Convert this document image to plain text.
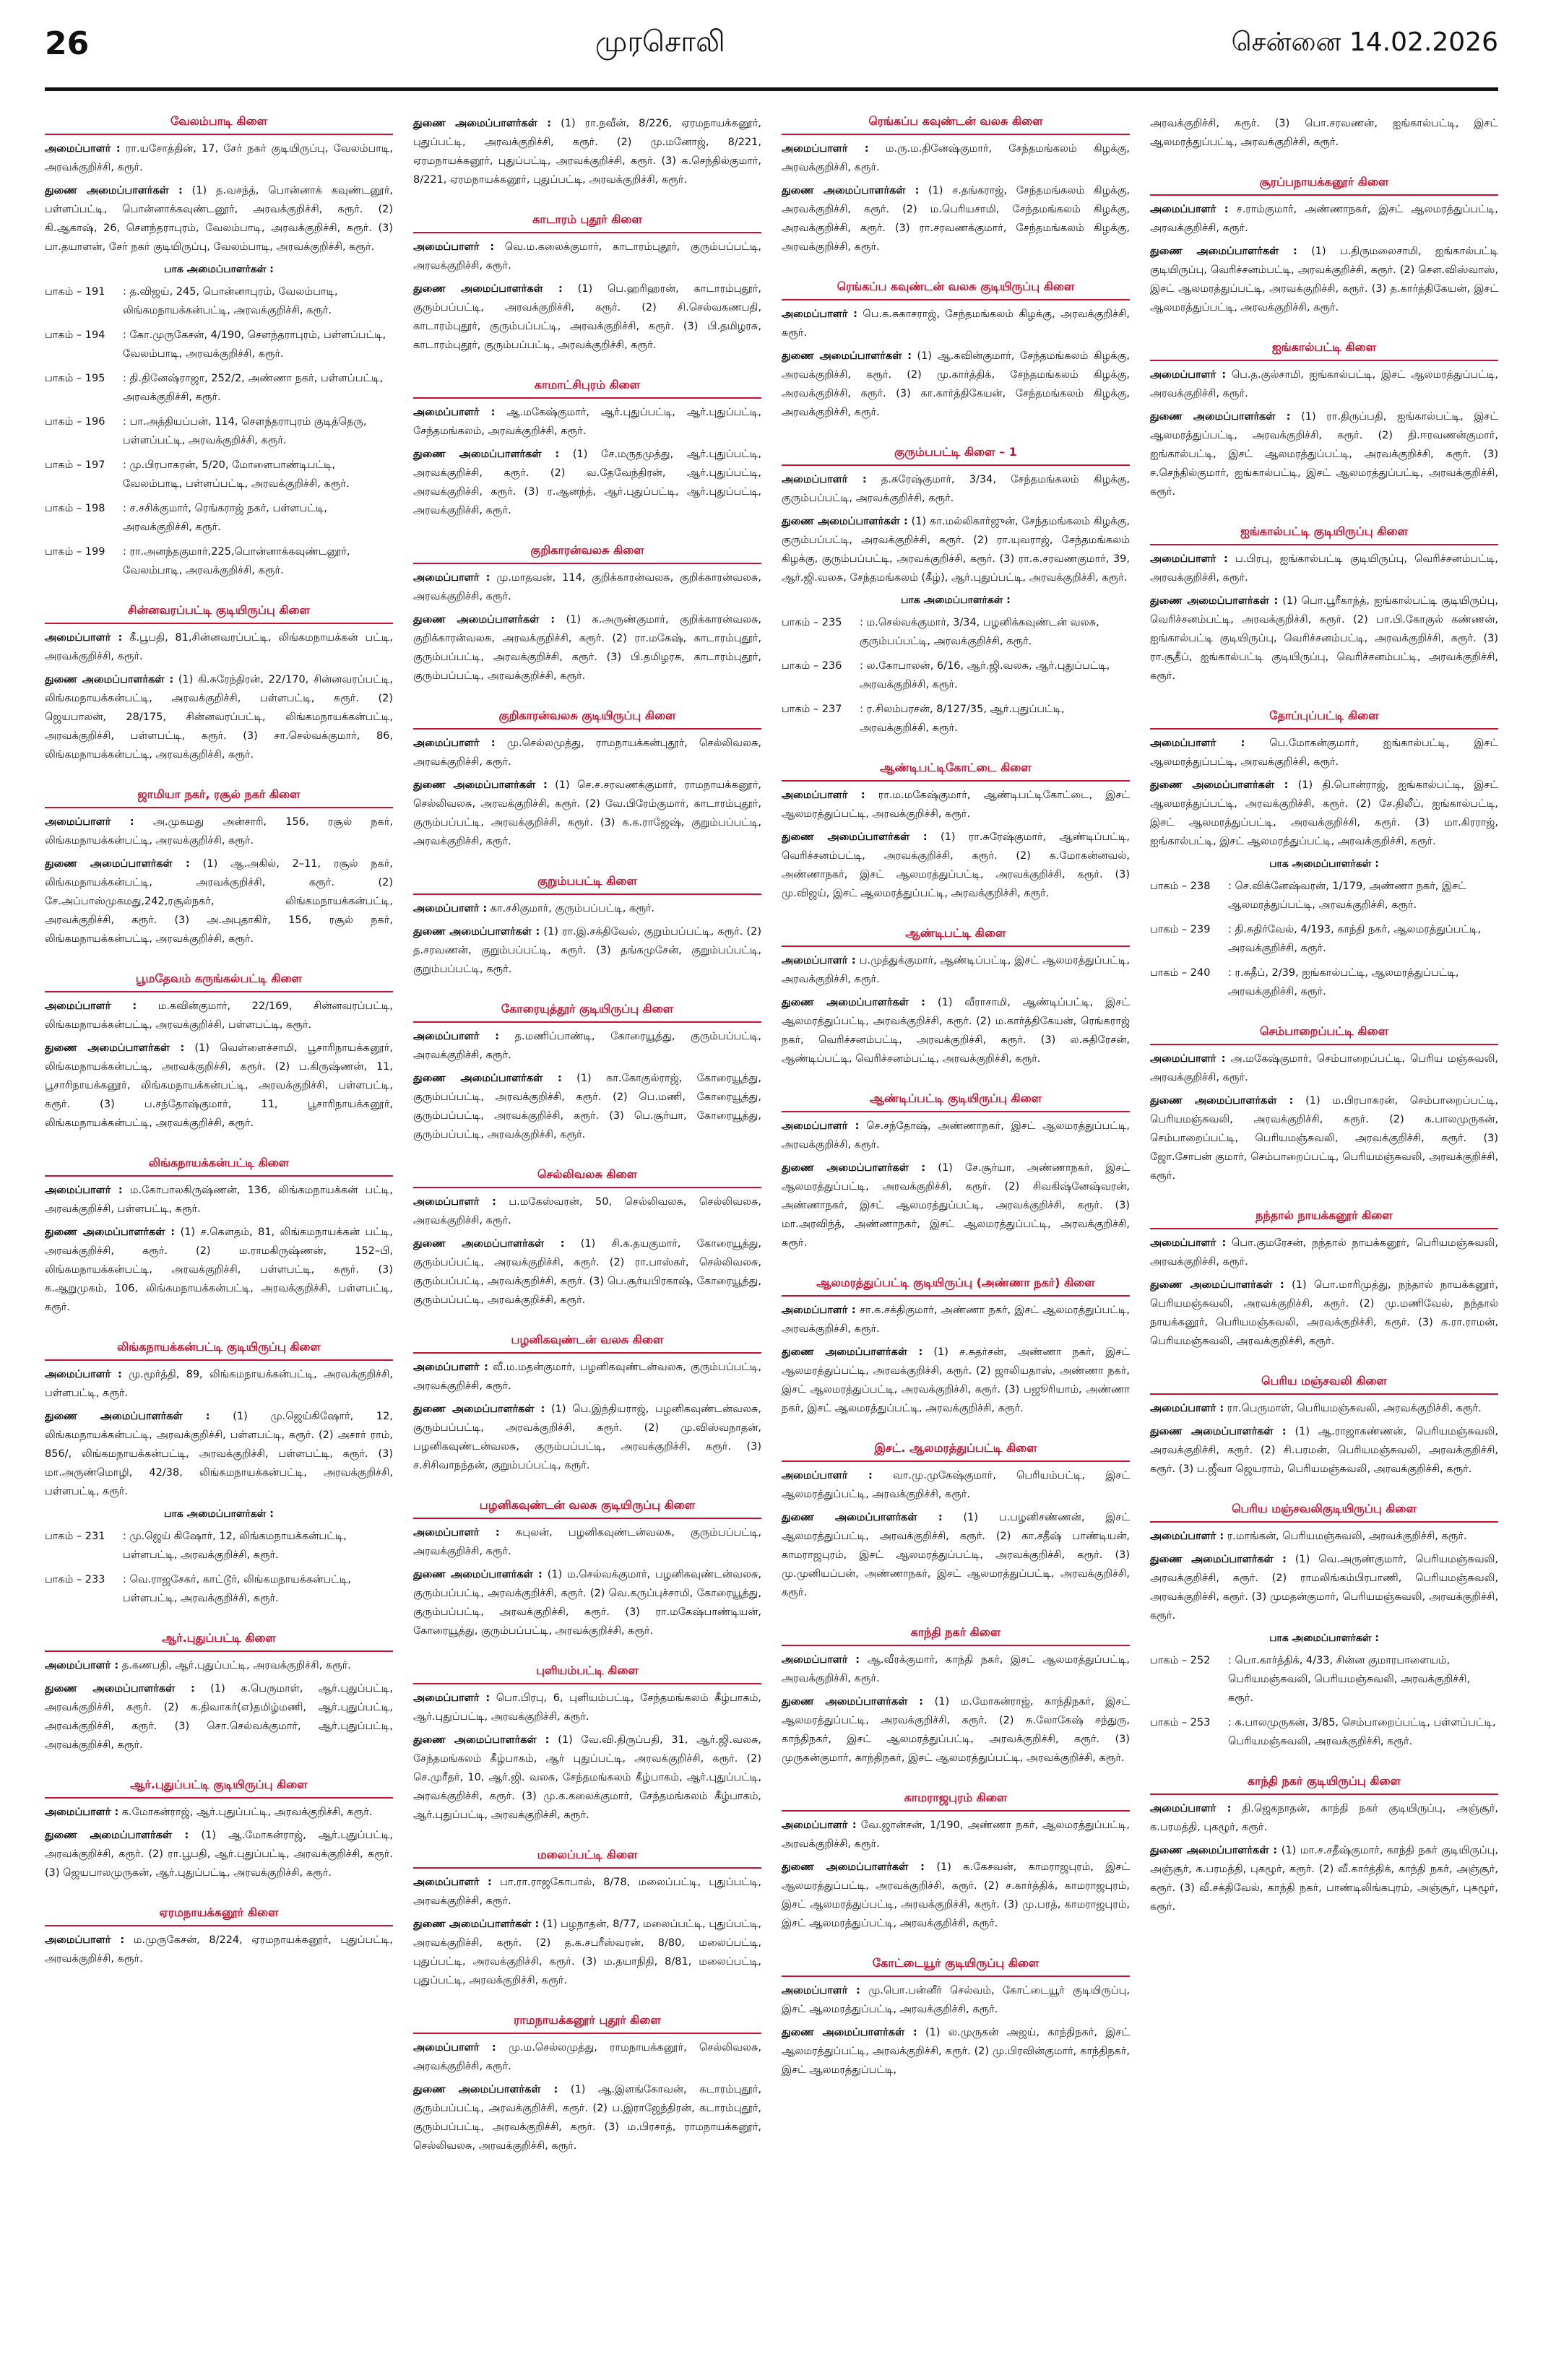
26	முரசொலி	சென்னை 14.02.2026
வேலம்பாடி கிளை
அமைப்பாளர் : ரா.யசோத்தின், 17, சேர் நகர் குடியிருப்பு, வேலம்பாடி, அரவக்குறிச்சி, கரூர்.
துணை அமைப்பாளர்கள் : (1) த.வசந்த், பொன்னாக் கவுண்டனூர், பள்ளப்பட்டி, பொன்னாக்கவுண்டனூர், அரவக்குறிச்சி, கரூர். (2) கி.ஆகாஷ், 26, சௌந்தராபுரம், வேலம்பாடி, அரவக்குறிச்சி, கரூர். (3) பா.தயாளன், சேர் நகர் குடியிருப்பு, வேலம்பாடி, அரவக்குறிச்சி, கரூர்.
பாக அமைப்பாளர்கள் :
பாகம் – 191	: த.விஜய், 245, பொன்னாபுரம், வேலம்பாடி, லிங்கமநாயக்கன்பட்டி, அரவக்குறிச்சி, கரூர்.
பாகம் – 194	: கோ.முருகேசன், 4/190, சௌந்தராபுரம், பள்ளப்பட்டி, வேலம்பாடி, அரவக்குறிச்சி, கரூர்.
பாகம் – 195	: தி.தினேஷ்ராஜா, 252/2, அண்ணா நகர், பள்ளப்பட்டி, அரவக்குறிச்சி, கரூர்.
பாகம் – 196	: பா.அத்தியப்பன், 114, சௌந்தராபுரம் குடித்தெரு, பள்ளப்பட்டி, அரவக்குறிச்சி, கரூர்.
பாகம் – 197	: மு.பிரபாகரன், 5/20, மோளைபாண்டிபட்டி, வேலம்பாடி, பள்ளப்பட்டி, அரவக்குறிச்சி, கரூர்.
பாகம் – 198	: ச.சசிக்குமார், ரெங்கராஜ் நகர், பள்ளபட்டி, அரவக்குறிச்சி, கரூர்.
பாகம் – 199	: ரா.அனந்தகுமார்,225,பொன்னாக்கவுண்டனூர், வேலம்பாடி, அரவக்குறிச்சி, கரூர்.
சின்னவரப்பட்டி குடியிருப்பு கிளை
அமைப்பாளர் : கீ.பூபதி, 81,சின்னவரப்பட்டி, லிங்கமநாயக்கன் பட்டி, அரவக்குறிச்சி, கரூர்.
துணை அமைப்பாளர்கள் : (1) கி.சுரேந்திரன், 22/170, சின்னவரப்பட்டி, லிங்கமநாயக்கன்பட்டி, அரவக்குறிச்சி, பள்ளபட்டி, கரூர். (2) ஜெயபாலன், 28/175, சின்னவரப்பட்டி, லிங்கமநாயக்கன்பட்டி, அரவக்குறிச்சி, பள்ளபட்டி, கரூர். (3) சா.செல்வக்குமார், 86, லிங்கமநாயக்கன்பட்டி, அரவக்குறிச்சி, கரூர்.
ஜாமியா நகர், ரசூல் நகர் கிளை
அமைப்பாளர் : அ.முகமது அன்சாரி, 156, ரசூல் நகர், லிங்கமநாயக்கன்பட்டி, அரவக்குறிச்சி, கரூர்.
துணை அமைப்பாளர்கள் : (1) ஆ.அகில், 2–11, ரசூல் நகர், லிங்கமநாயக்கன்பட்டி, அரவக்குறிச்சி, கரூர். (2) சே.அப்பாஸ்முகமது,242,ரசூல்நகர், லிங்கமநாயக்கன்பட்டி, அரவக்குறிச்சி, கரூர். (3) அ.அபுதாகிர், 156, ரசூல் நகர், லிங்கமநாயக்கன்பட்டி, அரவக்குறிச்சி, கரூர்.
பூமதேவம் கருங்கல்பட்டி கிளை
அமைப்பாளர் : ம.கவின்குமார், 22/169, சின்னவரப்பட்டி, லிங்கமநாயக்கன்பட்டி, அரவக்குறிச்சி, பள்ளபட்டி, கரூர்.
துணை அமைப்பாளர்கள் : (1) வெள்ளைச்சாமி, பூசாரிநாயக்கனூர், லிங்கமநாயக்கன்பட்டி, அரவக்குறிச்சி, கரூர். (2) ப.கிருஷ்ணன், 11, பூசாரிநாயக்கனூர், லிங்கமநாயக்கன்பட்டி, அரவக்குறிச்சி, பள்ளபட்டி, கரூர். (3) ப.சந்தோஷ்குமார், 11, பூசாரிநாயக்கனூர், லிங்கமநாயக்கன்பட்டி, அரவக்குறிச்சி, கரூர்.
லிங்கநாயக்கன்பட்டி கிளை
அமைப்பாளர் : ம.கோபாலகிருஷ்ணன், 136, லிங்கமநாயக்கன் பட்டி, அரவக்குறிச்சி, பள்ளபட்டி, கரூர்.
துணை அமைப்பாளர்கள் : (1) ச.கௌதம், 81, லிங்கமநாயக்கன் பட்டி, அரவக்குறிச்சி, கரூர். (2) ம.ராமகிருஷ்ணன், 152–பி, லிங்கமநாயக்கன்பட்டி, அரவக்குறிச்சி, பள்ளபட்டி, கரூர். (3) க.ஆறுமுகம், 106, லிங்கமநாயக்கன்பட்டி, அரவக்குறிச்சி, பள்ளபட்டி, கரூர்.
லிங்கநாயக்கன்பட்டி குடியிருப்பு கிளை
அமைப்பாளர் : மு.மூர்த்தி, 89, லிங்கமநாயக்கன்பட்டி, அரவக்குறிச்சி, பள்ளபட்டி, கரூர்.
துணை அமைப்பாளர்கள் : (1) மு.ஜெய்கிஷோர், 12, லிங்கமநாயக்கன்பட்டி, அரவக்குறிச்சி, பள்ளபட்டி, கரூர். (2) அசார் ராம், 856/, லிங்கமநாயக்கன்பட்டி, அரவக்குறிச்சி, பள்ளபட்டி, கரூர். (3) மா.அருண்மொழி, 42/38, லிங்கமநாயக்கன்பட்டி, அரவக்குறிச்சி, பள்ளபட்டி, கரூர்.
பாக அமைப்பாளர்கள் :
பாகம் – 231	: மு.ஜெய் கிஷோர், 12, லிங்கமநாயக்கன்பட்டி, பள்ளபட்டி, அரவக்குறிச்சி, கரூர்.
பாகம் – 233	: வெ.ராஜசேகர், காட்டூர், லிங்கமநாயக்கன்பட்டி, பள்ளபட்டி, அரவக்குறிச்சி, கரூர்.
ஆர்.புதுப்பட்டி கிளை
அமைப்பாளர் : த.கணபதி, ஆர்.புதுப்பட்டி, அரவக்குறிச்சி, கரூர்.
துணை அமைப்பாளர்கள் : (1) க.பெருமாள், ஆர்.புதுப்பட்டி, அரவக்குறிச்சி, கரூர். (2) க.திவாகர்(எ)தமிழ்மணி, ஆர்.புதுப்பட்டி, அரவக்குறிச்சி, கரூர். (3) சொ.செல்வக்குமார், ஆர்.புதுப்பட்டி, அரவக்குறிச்சி, கரூர்.
ஆர்.புதுப்பட்டி குடியிருப்பு கிளை
அமைப்பாளர் : க.மோகன்ராஜ், ஆர்.புதுப்பட்டி, அரவக்குறிச்சி, கரூர்.
துணை அமைப்பாளர்கள் : (1) ஆ.மோகன்ராஜ், ஆர்.புதுப்பட்டி, அரவக்குறிச்சி, கரூர். (2) ரா.பூபதி, ஆர்.புதுப்பட்டி, அரவக்குறிச்சி, கரூர். (3) ஜெயபாலமுருகன், ஆர்.புதுப்பட்டி, அரவக்குறிச்சி, கரூர்.
ஏரமநாயக்கனூர் கிளை
அமைப்பாளர் : ம.முருகேசன், 8/224, ஏரமநாயக்கனூர், புதுப்பட்டி, அரவக்குறிச்சி, கரூர்.
துணை அமைப்பாளர்கள் : (1) ரா.நவீன், 8/226, ஏரமநாயக்கனூர், புதுப்பட்டி, அரவக்குறிச்சி, கரூர். (2) மு.மனோஜ், 8/221, ஏரமநாயக்கனூர், புதுப்பட்டி, அரவக்குறிச்சி, கரூர். (3) க.செந்தில்குமார், 8/221, ஏரமநாயக்கனூர், புதுப்பட்டி, அரவக்குறிச்சி, கரூர்.
காடாரம் புதூர் கிளை
அமைப்பாளர் : வெ.ம.கலைக்குமார், காடாரம்புதூர், குரும்பப்பட்டி, அரவக்குறிச்சி, கரூர்.
துணை அமைப்பாளர்கள் : (1) பெ.ஹரிஹரன், காடாரம்புதூர், குரும்பப்பட்டி, அரவக்குறிச்சி, கரூர். (2) சி.செல்வகணபதி, காடாரம்புதூர், குரும்பப்பட்டி, அரவக்குறிச்சி, கரூர். (3) பி.தமிழரசு, காடாரம்புதூர், குரும்பப்பட்டி, அரவக்குறிச்சி, கரூர்.
காமாட்சிபுரம் கிளை
அமைப்பாளர் : ஆ.மகேஷ்குமார், ஆர்.புதுப்பட்டி, ஆர்.புதுப்பட்டி, சேந்தமங்கலம், அரவக்குறிச்சி, கரூர்.
துணை அமைப்பாளர்கள் : (1) சே.மருதமுத்து, ஆர்.புதுப்பட்டி, அரவக்குறிச்சி, கரூர். (2) வ.தேவேந்திரன், ஆர்.புதுப்பட்டி, அரவக்குறிச்சி, கரூர். (3) ர.ஆனந்த், ஆர்.புதுப்பட்டி, ஆர்.புதுப்பட்டி, அரவக்குறிச்சி, கரூர்.
குறிகாரன்வலசு கிளை
அமைப்பாளர் : மு.மாதவன், 114, குறிக்காரன்வலசு, குறிக்காரன்வலசு, அரவக்குறிச்சி, கரூர்.
துணை அமைப்பாளர்கள் : (1) க.அருண்குமார், குறிக்காரன்வலசு, குறிக்காரன்வலசு, அரவக்குறிச்சி, கரூர். (2) ரா.மகேஷ், காடாரம்புதூர், குரும்பப்பட்டி, அரவக்குறிச்சி, கரூர். (3) பி.தமிழரசு, காடாரம்புதூர், குரும்பப்பட்டி, அரவக்குறிச்சி, கரூர்.
குறிகாரன்வலசு குடியிருப்பு கிளை
அமைப்பாளர் : மு.செல்லமுத்து, ராமநாயக்கன்புதூர், செல்லிவலசு, அரவக்குறிச்சி, கரூர்.
துணை அமைப்பாளர்கள் : (1) செ.ச.சரவணக்குமார், ராமநாயக்கனூர், செல்லிவலசு, அரவக்குறிச்சி, கரூர். (2) வே.பிரேம்குமார், காடாரம்புதூர், குரும்பப்பட்டி, அரவக்குறிச்சி, கரூர். (3) க.க.ராஜேஷ், குறும்பப்பட்டி, அரவக்குறிச்சி, கரூர்.
குறும்பபட்டி கிளை
அமைப்பாளர் : கா.சசிகுமார், குரும்பப்பட்டி, கரூர்.
துணை அமைப்பாளர்கள் : (1) ரா.இ.சக்திவேல், குறும்பப்பட்டி, கரூர். (2) த.சரவணன், குறும்பப்பட்டி, கரூர். (3) தங்கமுசேன், குறும்பப்பட்டி, குறும்பப்பட்டி, கரூர்.
கோரையுத்தூர் குடியிருப்பு கிளை
அமைப்பாளர் : த.மணிப்பாண்டி, கோரையூத்து, குரும்பப்பட்டி, அரவக்குறிச்சி, கரூர்.
துணை அமைப்பாளர்கள் : (1) கா.கோகுல்ராஜ், கோரையூத்து, குரும்பப்பட்டி, அரவக்குறிச்சி, கரூர். (2) பெ.மணி, கோரையூத்து, குரும்பப்பட்டி, அரவக்குறிச்சி, கரூர். (3) பெ.சூர்யா, கோரையூத்து, குரும்பப்பட்டி, அரவக்குறிச்சி, கரூர்.
செல்லிவலசு கிளை
அமைப்பாளர் : ப.மகேஸ்வரன், 50, செல்லிவலசு, செல்லிவலசு, அரவக்குறிச்சி, கரூர்.
துணை அமைப்பாளர்கள் : (1) சி.க.தயகுமார், கோரையூத்து, குரும்பப்பட்டி, அரவக்குறிச்சி, கரூர். (2) ரா.பாஸ்கர், செல்லிவலசு, குரும்பப்பட்டி, அரவக்குறிச்சி, கரூர். (3) பெ.சூர்யபிரகாஷ், கோரையூத்து, குரும்பப்பட்டி, அரவக்குறிச்சி, கரூர்.
பழனிகவுண்டன் வலசு கிளை
அமைப்பாளர் : வீ.ம.மதன்குமார், பழனிகவுண்டன்வலசு, குரும்பப்பட்டி, அரவக்குறிச்சி, கரூர்.
துணை அமைப்பாளர்கள் : (1) பெ.இந்தியராஜ், பழனிகவுண்டன்வலசு, குரும்பப்பட்டி, அரவக்குறிச்சி, கரூர். (2) மு.விஸ்வநாதன், பழனிகவுண்டன்வலசு, குரும்பப்பட்டி, அரவக்குறிச்சி, கரூர். (3) ச.சிசிவாநந்தன், குறும்பப்பட்டி, கரூர்.
பழனிகவுண்டன் வலசு குடியிருப்பு கிளை
அமைப்பாளர் : சுபுலன், பழனிகவுண்டன்வலசு, குரும்பப்பட்டி, அரவக்குறிச்சி, கரூர்.
துணை அமைப்பாளர்கள் : (1) ம.செல்வக்குமார், பழனிகவுண்டன்வலசு, குரும்பப்பட்டி, அரவக்குறிச்சி, கரூர். (2) வெ.கருப்புச்சாமி, கோரையூத்து, குரும்பப்பட்டி, அரவக்குறிச்சி, கரூர். (3) ரா.மகேஷ்பாண்டியன், கோரையூத்து, குரும்பப்பட்டி, அரவக்குறிச்சி, கரூர்.
புளியம்பட்டி கிளை
அமைப்பாளர் : பொ.பிரபு, 6, புளியம்பட்டி, சேந்தமங்கலம் கீழ்பாகம், ஆர்.புதுப்பட்டி, அரவக்குறிச்சி, கரூர்.
துணை அமைப்பாளர்கள் : (1) வே.வி.திருப்பதி, 31, ஆர்.ஜி.வலசு, சேந்தமங்கலம் கீழ்பாகம், ஆர் புதுப்பட்டி, அரவக்குறிச்சி, கரூர். (2) செ.முரீதர், 10, ஆர்.ஜி. வலசு, சேந்தமங்கலம் கீழ்பாகம், ஆர்.புதுப்பட்டி, அரவக்குறிச்சி, கரூர். (3) மு.க.கலைக்குமார், சேந்தமங்கலம் கீழ்பாகம், ஆர்.புதுப்பட்டி, அரவக்குறிச்சி, கரூர்.
மலைப்பட்டி கிளை
அமைப்பாளர் : பா.ரா.ராஜகோபால், 8/78, மலைப்பட்டி, புதுப்பட்டி, அரவக்குறிச்சி, கரூர்.
துணை அமைப்பாளர்கள் : (1) பழநாதன், 8/77, மலைப்பட்டி, புதுப்பட்டி, அரவக்குறிச்சி, கரூர். (2) த.க.சபரீஸ்வரன், 8/80, மலைப்பட்டி, புதுப்பட்டி, அரவக்குறிச்சி, கரூர். (3) ம.தயாநிதி, 8/81, மலைப்பட்டி, புதுப்பட்டி, அரவக்குறிச்சி, கரூர்.
ராமநாயக்கனூர் புதூர் கிளை
அமைப்பாளர் : மு.ம.செல்லமுத்து, ராமநாயக்கனூர், செல்லிவலசு, அரவக்குறிச்சி, கரூர்.
துணை அமைப்பாளர்கள் : (1) ஆ.இளங்கோவன், கடாரம்புதூர், குரும்பப்பட்டி, அரவக்குறிச்சி, கரூர். (2) ப.இராஜேந்திரன், கடாரம்புதூர், குரும்பப்பட்டி, அரவக்குறிச்சி, கரூர். (3) ம.பிரசாத், ராமநாயக்கனூர், செல்லிவலசு, அரவக்குறிச்சி, கரூர்.
ரெங்கப்ப கவுண்டன் வலசு கிளை
அமைப்பாளர் : ம.ரு.ம.தினேஷ்குமார், சேந்தமங்கலம் கிழக்கு, அரவக்குறிச்சி, கரூர்.
துணை அமைப்பாளர்கள் : (1) ச.தங்கராஜ், சேந்தமங்கலம் கிழக்கு, அரவக்குறிச்சி, கரூர். (2) ம.பெரியசாமி, சேந்தமங்கலம் கிழக்கு, அரவக்குறிச்சி, கரூர். (3) ரா.சரவணக்குமார், சேந்தமங்கலம் கிழக்கு, அரவக்குறிச்சி, கரூர்.
ரெங்கப்ப கவுண்டன் வலசு குடியிருப்பு கிளை
அமைப்பாளர் : பெ.க.சுகாசராஜ், சேந்தமங்கலம் கிழக்கு, அரவக்குறிச்சி, கரூர்.
துணை அமைப்பாளர்கள் : (1) ஆ.கவின்குமார், சேந்தமங்கலம் கிழக்கு, அரவக்குறிச்சி, கரூர். (2) மு.கார்த்திக், சேந்தமங்கலம் கிழக்கு, அரவக்குறிச்சி, கரூர். (3) கா.கார்த்திகேயன், சேந்தமங்கலம் கிழக்கு, அரவக்குறிச்சி, கரூர்.
குரும்பபட்டி கிளை – 1
அமைப்பாளர் : த.சுரேஷ்குமார், 3/34, சேந்தமங்கலம் கிழக்கு, குரும்பப்பட்டி, அரவக்குறிச்சி, கரூர்.
துணை அமைப்பாளர்கள் : (1) கா.மல்லிகார்ஜுன், சேந்தமங்கலம் கிழக்கு, குரும்பப்பட்டி, அரவக்குறிச்சி, கரூர். (2) ரா.யுவராஜ், சேந்தமங்கலம் கிழக்கு, குரும்பப்பட்டி, அரவக்குறிச்சி, கரூர். (3) ரா.க.சரவணகுமார், 39, ஆர்.ஜி.வலசு, சேந்தமங்கலம் (கீழ்), ஆர்.புதுப்பட்டி, அரவக்குறிச்சி, கரூர்.
பாக அமைப்பாளர்கள் :
பாகம் – 235	: ம.செல்வக்குமார், 3/34, பழனிக்கவுண்டன் வலசு, குரும்பப்பட்டி, அரவக்குறிச்சி, கரூர்.
பாகம் – 236	: ல.கோபாலன், 6/16, ஆர்.ஜி.வலசு, ஆர்.புதுப்பட்டி, அரவக்குறிச்சி, கரூர்.
பாகம் – 237	: ர.சிலம்பரசன், 8/127/35, ஆர்.புதுப்பட்டி, அரவக்குறிச்சி, கரூர்.
ஆண்டிபட்டிகோட்டை கிளை
அமைப்பாளர் : ரா.ம.மகேஷ்குமார், ஆண்டிபட்டிகோட்டை, இசட் ஆலமரத்துப்பட்டி, அரவக்குறிச்சி, கரூர்.
துணை அமைப்பாளர்கள் : (1) ரா.சுரேஷ்குமார், ஆண்டிப்பட்டி, வெரிச்சனம்பட்டி, அரவக்குறிச்சி, கரூர். (2) க.மோகன்னவல், அண்ணாநகர், இசட் ஆலமரத்துப்பட்டி, அரவக்குறிச்சி, கரூர். (3) மு.விஜய், இசட் ஆலமரத்துப்பட்டி, அரவக்குறிச்சி, கரூர்.
ஆண்டிபட்டி கிளை
அமைப்பாளர் : ப.முத்துக்குமார், ஆண்டிப்பட்டி, இசட் ஆலமரத்துப்பட்டி, அரவக்குறிச்சி, கரூர்.
துணை அமைப்பாளர்கள் : (1) வீராசாமி, ஆண்டிப்பட்டி, இசட் ஆலமரத்துப்பட்டி, அரவக்குறிச்சி, கரூர். (2) ம.கார்த்திகேயன், ரெங்கராஜ் நகர், வெரிச்சனம்பட்டி, அரவக்குறிச்சி, கரூர். (3) ல.சுதிரேசன், ஆண்டிப்பட்டி, வெரிச்சனம்பட்டி, அரவக்குறிச்சி, கரூர்.
ஆண்டிப்பட்டி குடியிருப்பு கிளை
அமைப்பாளர் : செ.சந்தோஷ், அண்ணாநகர், இசட் ஆலமரத்துப்பட்டி, அரவக்குறிச்சி, கரூர்.
துணை அமைப்பாளர்கள் : (1) சே.சூர்யா, அண்ணாநகர், இசட் ஆலமரத்துப்பட்டி, அரவக்குறிச்சி, கரூர். (2) சிவகிஷ்னேஷ்வரன், அண்ணாநகர், இசட் ஆலமரத்துப்பட்டி, அரவக்குறிச்சி, கரூர். (3) மா.அரவிந்த், அண்ணாநகர், இசட் ஆலமரத்துப்பட்டி, அரவக்குறிச்சி, கரூர்.
ஆலமரத்துப்பட்டி குடியிருப்பு (அண்ணா நகர்) கிளை
அமைப்பாளர் : சா.க.சக்திகுமார், அண்ணா நகர், இசட் ஆலமரத்துப்பட்டி, அரவக்குறிச்சி, கரூர்.
துணை அமைப்பாளர்கள் : (1) ச.சுதர்சன், அண்ணா நகர், இசட் ஆலமரத்துப்பட்டி, அரவக்குறிச்சி, கரூர். (2) ஜாலியதாஸ், அண்ணா நகர், இசட் ஆலமரத்துப்பட்டி, அரவக்குறிச்சி, கரூர். (3) பஜூரியாம், அண்ணா நகர், இசட் ஆலமரத்துப்பட்டி, அரவக்குறிச்சி, கரூர்.
இசட். ஆலமரத்துப்பட்டி கிளை
அமைப்பாளர் : வா.மு.முகேஷ்குமார், பெரியம்பட்டி, இசட் ஆலமரத்துப்பட்டி, அரவக்குறிச்சி, கரூர்.
துணை அமைப்பாளர்கள் : (1) ப.பழனிசண்ணன், இசட் ஆலமரத்துப்பட்டி, அரவக்குறிச்சி, கரூர். (2) கா.சதீஷ் பாண்டியன், காமராஜபுரம், இசட் ஆலமரத்துப்பட்டி, அரவக்குறிச்சி, கரூர். (3) மு.முனியப்பன், அண்ணாநகர், இசட் ஆலமரத்துப்பட்டி, அரவக்குறிச்சி, கரூர்.
காந்தி நகர் கிளை
அமைப்பாளர் : ஆ.வீரக்குமார், காந்தி நகர், இசட் ஆலமரத்துப்பட்டி, அரவக்குறிச்சி, கரூர்.
துணை அமைப்பாளர்கள் : (1) ம.மோகன்ராஜ், காந்திநகர், இசட் ஆலமரத்துப்பட்டி, அரவக்குறிச்சி, கரூர். (2) சு.லோகேஷ் சந்துரு, காந்திநகர், இசட் ஆலமரத்துப்பட்டி, அரவக்குறிச்சி, கரூர். (3) முருகன்குமார், காந்திநகர், இசட் ஆலமரத்துப்பட்டி, அரவக்குறிச்சி, கரூர்.
காமராஜபுரம் கிளை
அமைப்பாளர் : வே.ஜான்சன், 1/190, அண்ணா நகர், ஆலமரத்துப்பட்டி, அரவக்குறிச்சி, கரூர்.
துணை அமைப்பாளர்கள் : (1) க.கேசவன், காமராஜபுரம், இசட் ஆலமரத்துப்பட்டி, அரவக்குறிச்சி, கரூர். (2) ச.கார்த்திக், காமராஜபுரம், இசட் ஆலமரத்துப்பட்டி, அரவக்குறிச்சி, கரூர். (3) மு.பரத், காமராஜபுரம், இசட் ஆலமரத்துப்பட்டி, அரவக்குறிச்சி, கரூர்.
கோட்டையூர் குடியிருப்பு கிளை
அமைப்பாளர் : மு.பொ.பன்னீர் செல்வம், கோட்டையூர் குடியிருப்பு, இசட் ஆலமரத்துப்பட்டி, அரவக்குறிச்சி, கரூர்.
துணை அமைப்பாளர்கள் : (1) ல.முருகன் அஜய், காந்திநகர், இசட் ஆலமரத்துப்பட்டி, அரவக்குறிச்சி, கரூர். (2) மு.பிரவின்குமார், காந்திநகர், இசட் ஆலமரத்துப்பட்டி,
அரவக்குறிச்சி, கரூர். (3) பொ.சரவணன், ஐங்கால்பட்டி, இசட் ஆலமரத்துப்பட்டி, அரவக்குறிச்சி, கரூர்.
சூரப்பநாயக்கனூர் கிளை
அமைப்பாளர் : ச.ராம்குமார், அண்ணாநகர், இசட் ஆலமரத்துப்பட்டி, அரவக்குறிச்சி, கரூர்.
துணை அமைப்பாளர்கள் : (1) ப.திருமலைசாமி, ஐங்கால்பட்டி குடியிருப்பு, வெரிச்சனம்பட்டி, அரவக்குறிச்சி, கரூர். (2) சௌ.விஸ்வாஸ், இசட் ஆலமரத்துப்பட்டி, அரவக்குறிச்சி, கரூர். (3) த.கார்த்திகேயன், இசட் ஆலமரத்துப்பட்டி, அரவக்குறிச்சி, கரூர்.
ஐங்கால்பட்டி கிளை
அமைப்பாளர் : பெ.த.குல்சாமி, ஐங்கால்பட்டி, இசட் ஆலமரத்துப்பட்டி, அரவக்குறிச்சி, கரூர்.
துணை அமைப்பாளர்கள் : (1) ரா.திருப்பதி, ஐங்கால்பட்டி, இசட் ஆலமரத்துப்பட்டி, அரவக்குறிச்சி, கரூர். (2) தி.ஈரவணன்குமார், ஐங்கால்பட்டி, இசட் ஆலமரத்துப்பட்டி, அரவக்குறிச்சி, கரூர். (3) ச.செந்தில்குமார், ஐங்கால்பட்டி, இசட் ஆலமரத்துப்பட்டி, அரவக்குறிச்சி, கரூர்.
ஐங்கால்பட்டி குடியிருப்பு கிளை
அமைப்பாளர் : ப.பிரபு, ஐங்கால்பட்டி குடியிருப்பு, வெரிச்சனம்பட்டி, அரவக்குறிச்சி, கரூர்.
துணை அமைப்பாளர்கள் : (1) பொ.பூரீகாந்த், ஐங்கால்பட்டி குடியிருப்பு, வெரிச்சனம்பட்டி, அரவக்குறிச்சி, கரூர். (2) பா.பி.கோகுல் கண்ணன், ஐங்கால்பட்டி குடியிருப்பு, வெரிச்சனம்பட்டி, அரவக்குறிச்சி, கரூர். (3) ரா.சூதீப், ஐங்கால்பட்டி குடியிருப்பு, வெரிச்சனம்பட்டி, அரவக்குறிச்சி, கரூர்.
தோப்புப்பட்டி கிளை
அமைப்பாளர் : பெ.மோகன்குமார், ஐங்கால்பட்டி, இசட் ஆலமரத்துப்பட்டி, அரவக்குறிச்சி, கரூர்.
துணை அமைப்பாளர்கள் : (1) தி.பொன்ராஜ், ஐங்கால்பட்டி, இசட் ஆலமரத்துப்பட்டி, அரவக்குறிச்சி, கரூர். (2) சே.திலீப், ஐங்கால்பட்டி, இசட் ஆலமரத்துப்பட்டி, அரவக்குறிச்சி, கரூர். (3) மா.கிரராஜ், ஐங்கால்பட்டி, இசட் ஆலமரத்துப்பட்டி, அரவக்குறிச்சி, கரூர்.
பாக அமைப்பாளர்கள் :
பாகம் – 238	: செ.விக்னேஷ்வரன், 1/179, அண்ணா நகர், இசட் ஆலமரத்துப்பட்டி, அரவக்குறிச்சி, கரூர்.
பாகம் – 239	: தி.சுதிர்வேல், 4/193, காந்தி நகர், ஆலமரத்துப்பட்டி, அரவக்குறிச்சி, கரூர்.
பாகம் – 240	: ர.சுதீப், 2/39, ஐங்கால்பட்டி, ஆலமரத்துப்பட்டி, அரவக்குறிச்சி, கரூர்.
செம்பாறைப்பட்டி கிளை
அமைப்பாளர் : அ.மகேஷ்குமார், செம்பாறைப்பட்டி, பெரிய மஞ்சுவலி, அரவக்குறிச்சி, கரூர்.
துணை அமைப்பாளர்கள் : (1) ம.பிரபாகரன், செம்பாறைப்பட்டி, பெரியமஞ்சுவலி, அரவக்குறிச்சி, கரூர். (2) க.பாலமுருகன், செம்பாறைப்பட்டி, பெரியமஞ்சுவலி, அரவக்குறிச்சி, கரூர். (3) ஜோ.சோபன் குமார், செம்பாறைப்பட்டி, பெரியமஞ்சுவலி, அரவக்குறிச்சி, கரூர்.
நந்தால் நாயக்கனூர் கிளை
அமைப்பாளர் : பொ.குமரேசன், நந்தால் நாயக்கனூர், பெரியமஞ்சுவலி, அரவக்குறிச்சி, கரூர்.
துணை அமைப்பாளர்கள் : (1) பொ.மாரிமுத்து, நந்தால் நாயக்கனூர், பெரியமஞ்சுவலி, அரவக்குறிச்சி, கரூர். (2) மு.மணிவேல், நந்தால் நாயக்கனூர், பெரியமஞ்சுவலி, அரவக்குறிச்சி, கரூர். (3) க.ரா.ராமன், பெரியமஞ்சுவலி, அரவக்குறிச்சி, கரூர்.
பெரிய மஞ்சவலி கிளை
அமைப்பாளர் : ரா.பெருமாள், பெரியமஞ்சுவலி, அரவக்குறிச்சி, கரூர்.
துணை அமைப்பாளர்கள் : (1) ஆ.ராஜாகண்ணன், பெரியமஞ்சுவலி, அரவக்குறிச்சி, கரூர். (2) சி.பரமன், பெரியமஞ்சுவலி, அரவக்குறிச்சி, கரூர். (3) ப.ஜீவா ஜெயராம், பெரியமஞ்சுவலி, அரவக்குறிச்சி, கரூர்.
பெரிய மஞ்சவலிகுடியிருப்பு கிளை
அமைப்பாளர் : ர.மாங்கன், பெரியமஞ்சுவலி, அரவக்குறிச்சி, கரூர்.
துணை அமைப்பாளர்கள் : (1) வெ.அருண்குமார், பெரியமஞ்சுவலி, அரவக்குறிச்சி, கரூர். (2) ராமலிங்கம்பிரபாணி, பெரியமஞ்சுவலி, அரவக்குறிச்சி, கரூர். (3) முமதன்குமார், பெரியமஞ்சுவலி, அரவக்குறிச்சி, கரூர்.
பாக அமைப்பாளர்கள் :
பாகம் – 252	: பொ.கார்த்திக், 4/33, சின்ன குமாரபாளையம், பெரியமஞ்சுவலி, பெரியமஞ்சுவலி, அரவக்குறிச்சி, கரூர்.
பாகம் – 253	: க.பாலமுருகன், 3/85, செம்பாறைப்பட்டி, பள்ளப்பட்டி, பெரியமஞ்சுவலி, அரவக்குறிச்சி, கரூர்.
காந்தி நகர் குடியிருப்பு கிளை
அமைப்பாளர் : தி.ஜெகநாதன், காந்தி நகர் குடியிருப்பு, அஞ்சூர், க.பரமத்தி, புகழூர், கரூர்.
துணை அமைப்பாளர்கள் : (1) மா.ச.சதீஷ்குமார், காந்தி நகர் குடியிருப்பு, அஞ்சூர், க.பரமத்தி, புகழூர், கரூர். (2) வீ.கார்த்திக், காந்தி நகர், அஞ்சூர், கரூர். (3) வீ.சக்திவேல், காந்தி நகர், பாண்டிலிங்கபுரம், அஞ்சூர், புகழூர், கரூர்.
